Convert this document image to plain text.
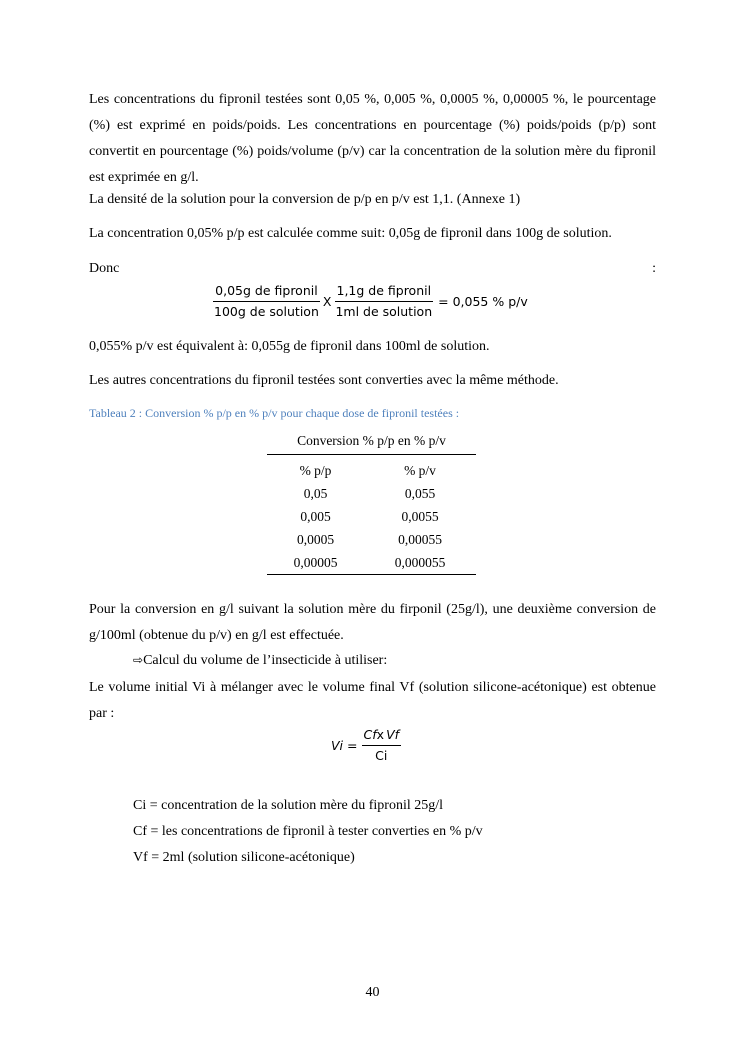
Les concentrations du fipronil testées sont 0,05 %, 0,005 %, 0,0005 %, 0,00005 %, le pourcentage (%) est exprimé en poids/poids. Les concentrations en pourcentage (%) poids/poids (p/p) sont convertit en pourcentage (%) poids/volume (p/v) car la concentration de la solution mère du fipronil est exprimée en g/l.

La densité de la solution pour la conversion de p/p en p/v est 1,1. (Annexe 1)

La concentration 0,05% p/p est calculée comme suit: 0,05g de fipronil dans 100g de solution.

Donc	:
$\frac{\text{0,05g de fipronil}}{\text{100g de solution}}$ X $\frac{\text{1,1g de fipronil}}{\text{1ml de solution}} = 0,055$ % p/v

0,055% p/v est équivalent à: 0,055g de fipronil dans 100ml de solution.

Les autres concentrations du fipronil testées sont converties avec la même méthode.

Tableau 2 : Conversion % p/p en % p/v pour chaque dose de fipronil testées :
Conversion % p/p en % p/v	
% p/p	% p/v
0,05	0,055
0,005	0,0055
0,0005	0,00055
0,00005	0,000055

Pour la conversion en g/l suivant la solution mère du firponil (25g/l), une deuxième conversion de g/100ml (obtenue du p/v) en g/l est effectuée.

⇨Calcul du volume de l’insecticide à utiliser:

Le volume initial Vi à mélanger avec le volume final Vf (solution silicone-acétonique) est obtenue par :

$Vi = \frac{\text{Cfx Vf}}{Ci}$

Ci = concentration de la solution mère du fipronil 25g/l

Cf = les concentrations de fipronil à tester converties en % p/v

Vf = 2ml (solution silicone-acétonique)

40
